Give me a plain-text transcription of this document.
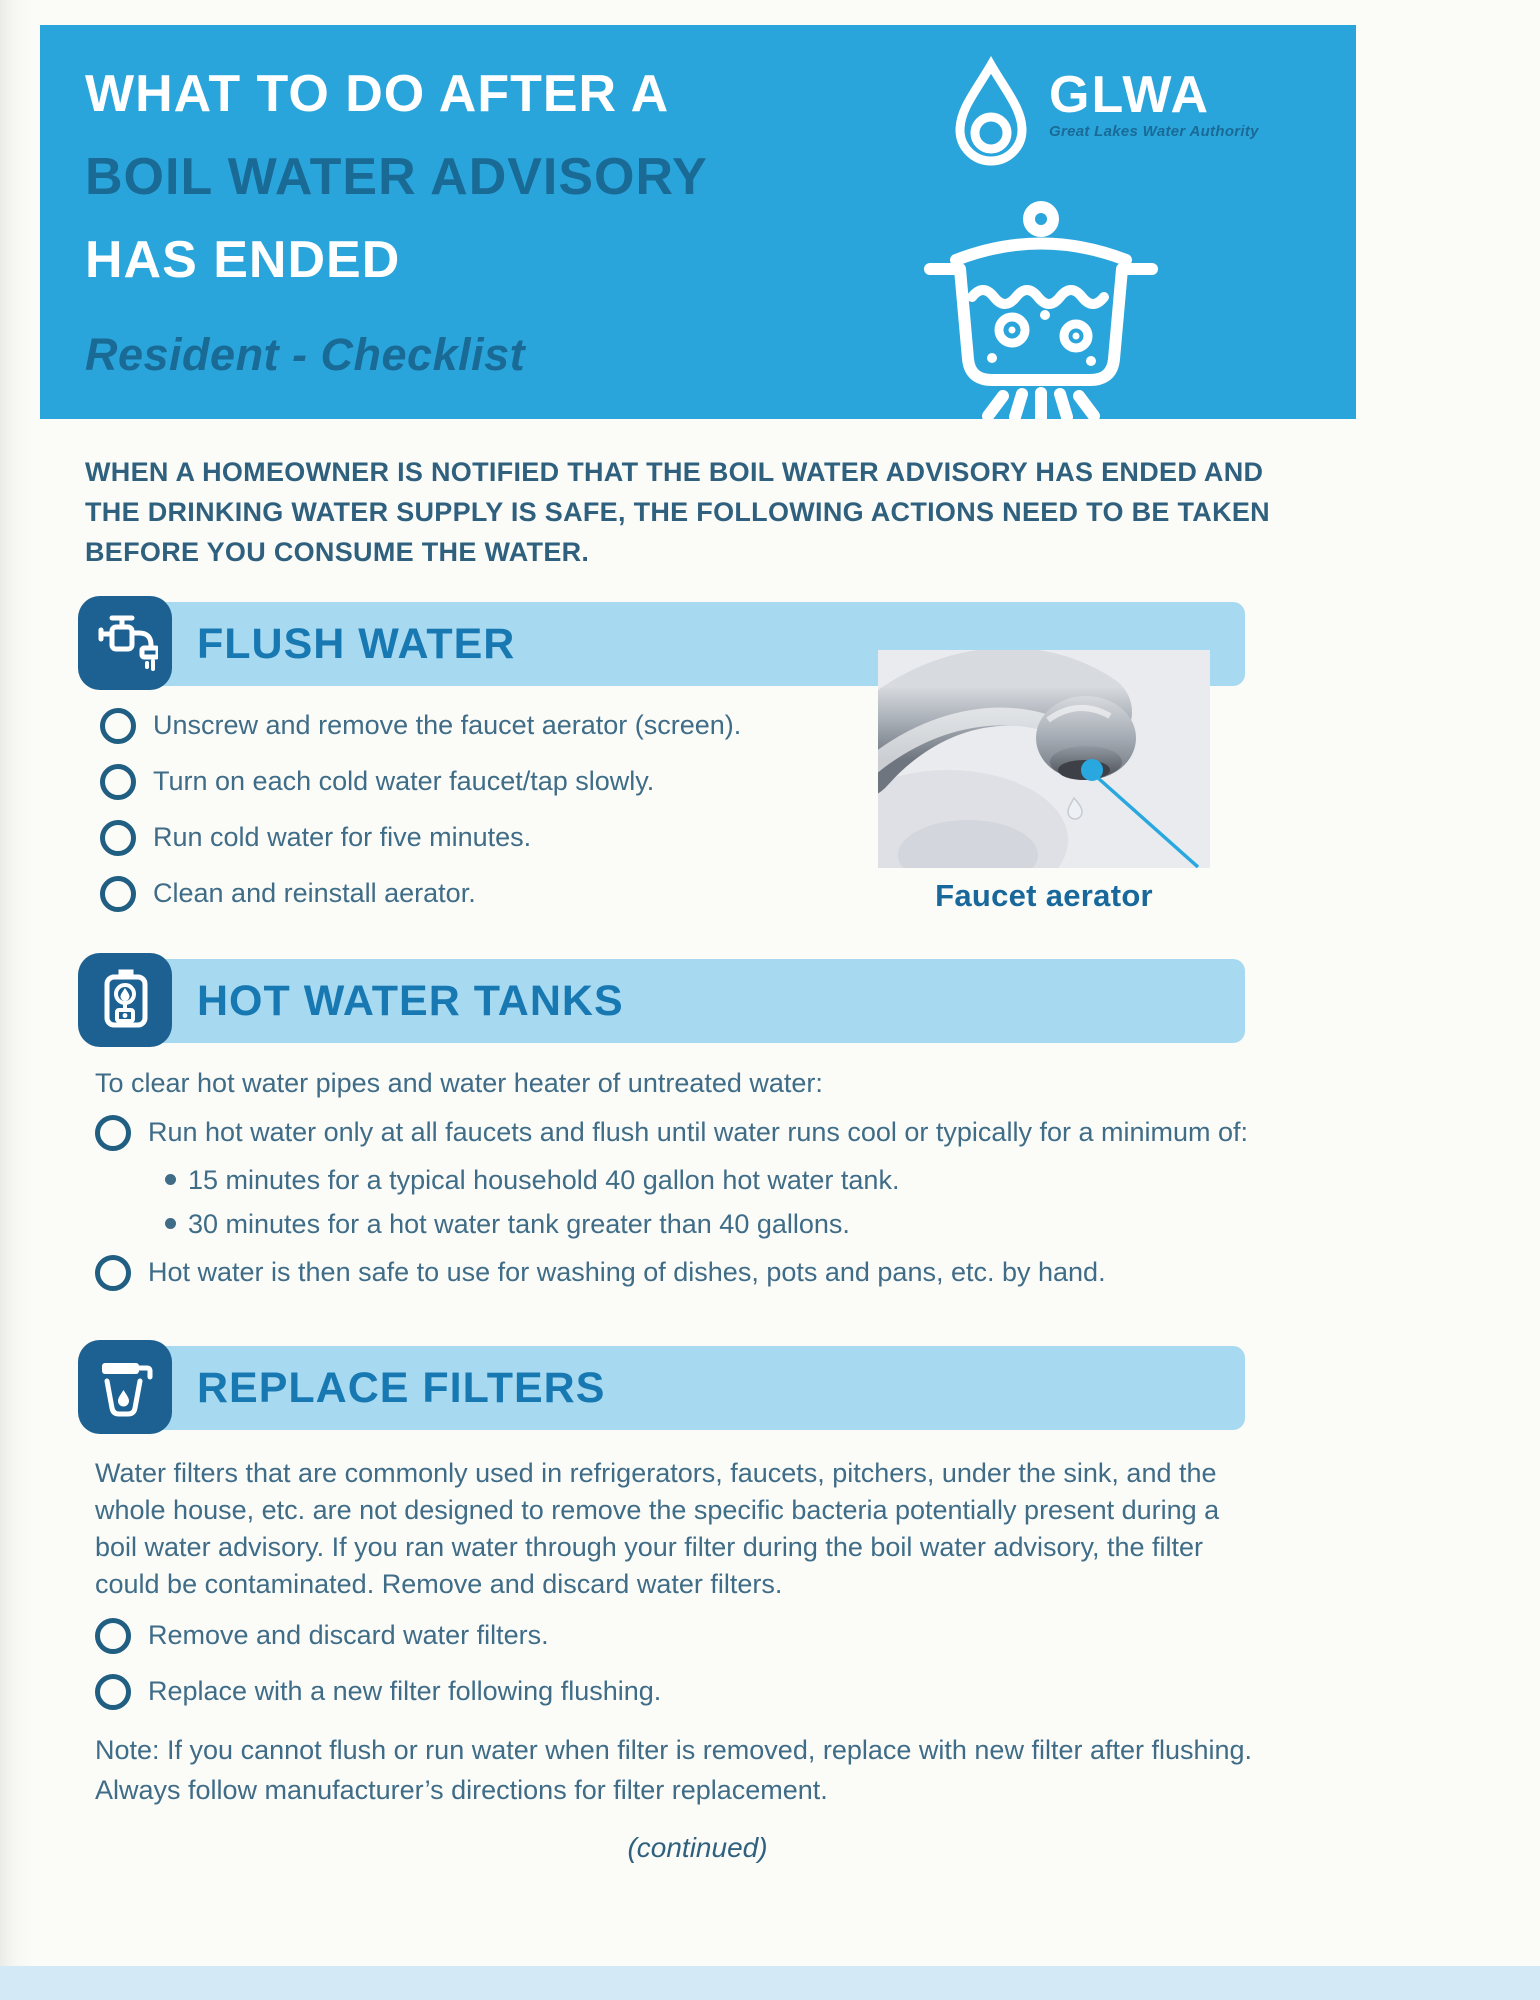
WHAT TO DO AFTER A
BOIL WATER ADVISORY
HAS ENDED
Resident - Checklist
GLWA
Great Lakes Water Authority
WHEN A HOMEOWNER IS NOTIFIED THAT THE BOIL WATER ADVISORY HAS ENDED AND THE DRINKING WATER SUPPLY IS SAFE, THE FOLLOWING ACTIONS NEED TO BE TAKEN BEFORE YOU CONSUME THE WATER.
FLUSH WATER
Unscrew and remove the faucet aerator (screen).
Turn on each cold water faucet/tap slowly.
Run cold water for five minutes.
Clean and reinstall aerator.	Faucet aerator
HOT WATER TANKS
To clear hot water pipes and water heater of untreated water:
Run hot water only at all faucets and flush until water runs cool or typically for a minimum of:
15 minutes for a typical household 40 gallon hot water tank.
30 minutes for a hot water tank greater than 40 gallons.
Hot water is then safe to use for washing of dishes, pots and pans, etc. by hand.
REPLACE FILTERS
Water filters that are commonly used in refrigerators, faucets, pitchers, under the sink, and the whole house, etc. are not designed to remove the specific bacteria potentially present during a boil water advisory. If you ran water through your filter during the boil water advisory, the filter could be contaminated. Remove and discard water filters.
Remove and discard water filters.
Replace with a new filter following flushing.
Note: If you cannot flush or run water when filter is removed, replace with new filter after flushing. Always follow manufacturer’s directions for filter replacement.
(continued)
